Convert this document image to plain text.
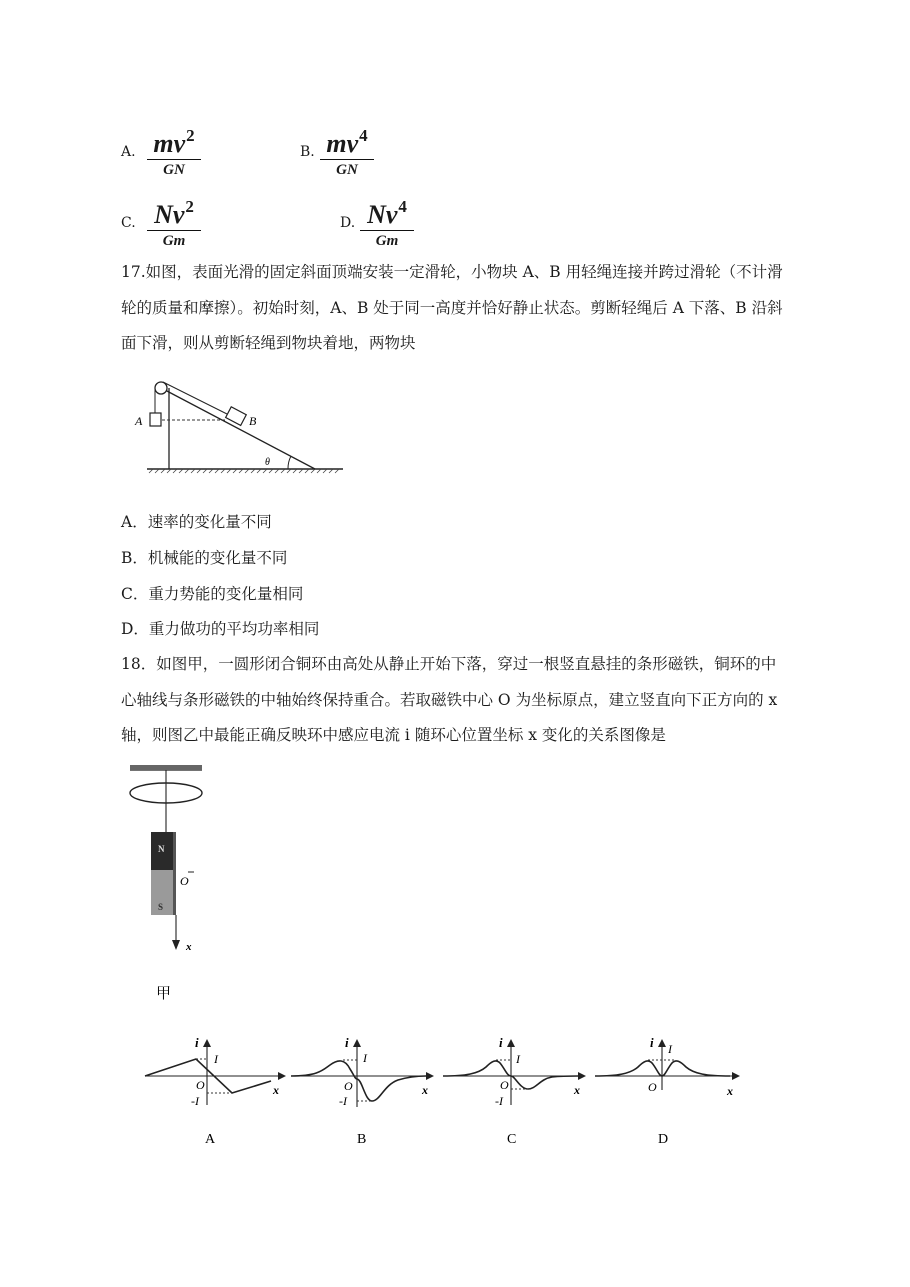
A. $mv^2$
GN
B. $mv^4$
GN
C. Nv$^2$
Gm
D. Nv$^4$
Gm
17.如图，表面光滑的固定斜面顶端安装一定滑轮，小物块 A、B 用轻绳连接并跨过滑轮（不计滑
轮的质量和摩擦）。初始时刻，A、B 处于同一高度并恰好静止状态。剪断轻绳后 A 下落、B 沿斜
面下滑，则从剪断轻绳到物块着地，两物块
A	B
θ
A．速率的变化量不同
B．机械能的变化量不同
C．重力势能的变化量相同
D．重力做功的平均功率相同
18．如图甲，一圆形闭合铜环由高处从静止开始下落，穿过一根竖直悬挂的条形磁铁，铜环的中
心轴线与条形磁铁的中轴始终保持重合。若取磁铁中心 O 为坐标原点，建立竖直向下正方向的 x
轴，则图乙中最能正确反映环中感应电流 i 随环心位置坐标 x 变化的关系图像是
N
S
O
x
甲
i
I
O
-I
x
A
i
I
O
-I
x
B
i
I
O
-I
x
C
i I
O	x
D
